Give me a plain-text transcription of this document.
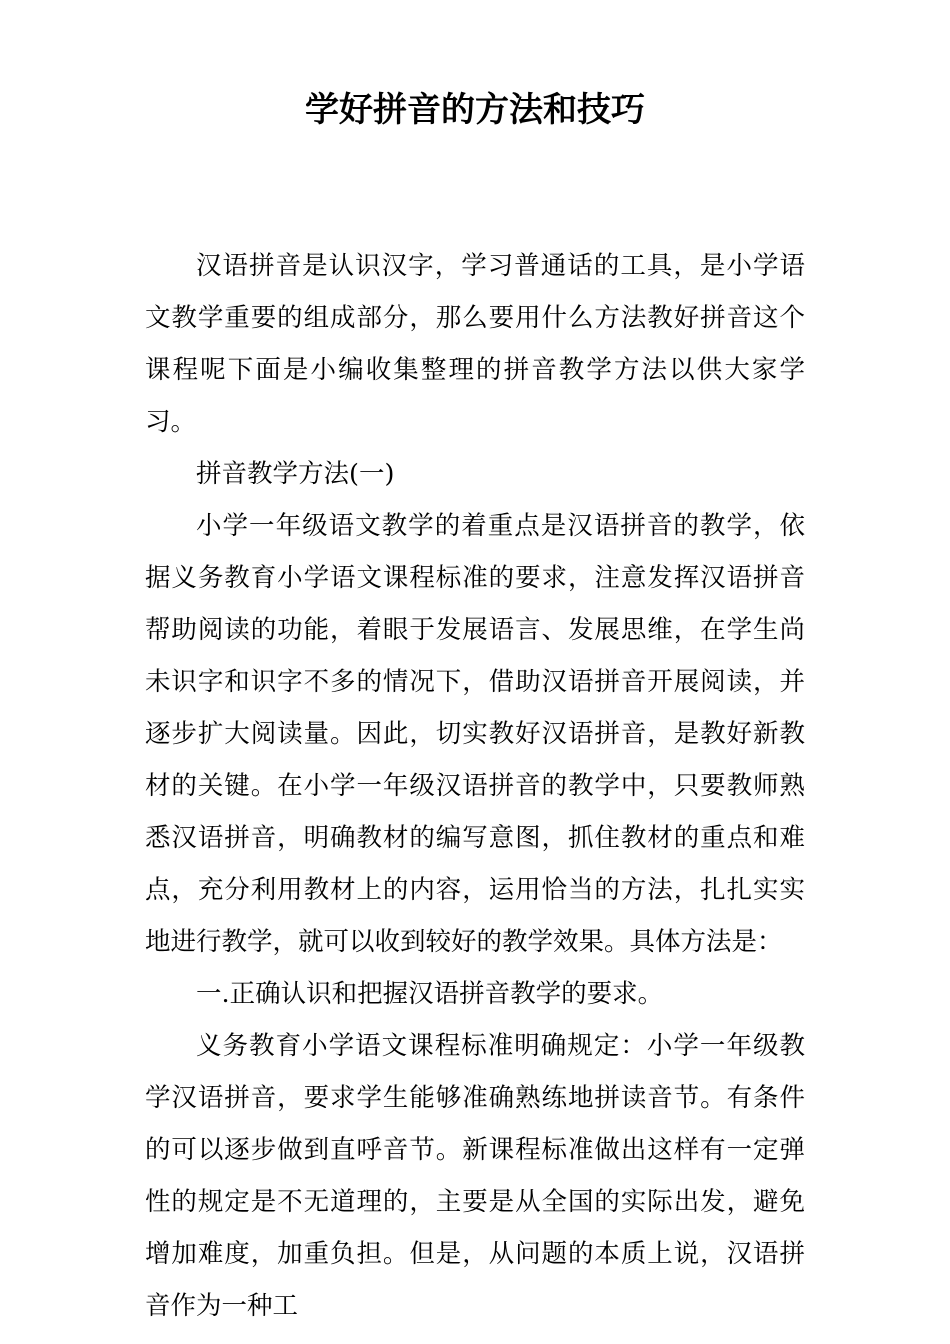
学好拼音的方法和技巧

汉语拼音是认识汉字，学习普通话的工具，是小学语文教学重要的组成部分，那么要用什么方法教好拼音这个课程呢下面是小编收集整理的拼音教学方法以供大家学习。

拼音教学方法(一)

小学一年级语文教学的着重点是汉语拼音的教学，依据义务教育小学语文课程标准的要求，注意发挥汉语拼音帮助阅读的功能，着眼于发展语言、发展思维，在学生尚未识字和识字不多的情况下，借助汉语拼音开展阅读，并逐步扩大阅读量。因此，切实教好汉语拼音，是教好新教材的关键。在小学一年级汉语拼音的教学中，只要教师熟悉汉语拼音，明确教材的编写意图，抓住教材的重点和难点，充分利用教材上的内容，运用恰当的方法，扎扎实实地进行教学，就可以收到较好的教学效果。具体方法是：

一.正确认识和把握汉语拼音教学的要求。

义务教育小学语文课程标准明确规定：小学一年级教学汉语拼音，要求学生能够准确熟练地拼读音节。有条件的可以逐步做到直呼音节。新课程标准做出这样有一定弹性的规定是不无道理的，主要是从全国的实际出发，避免增加难度，加重负担。但是，从问题的本质上说，汉语拼音作为一种工
